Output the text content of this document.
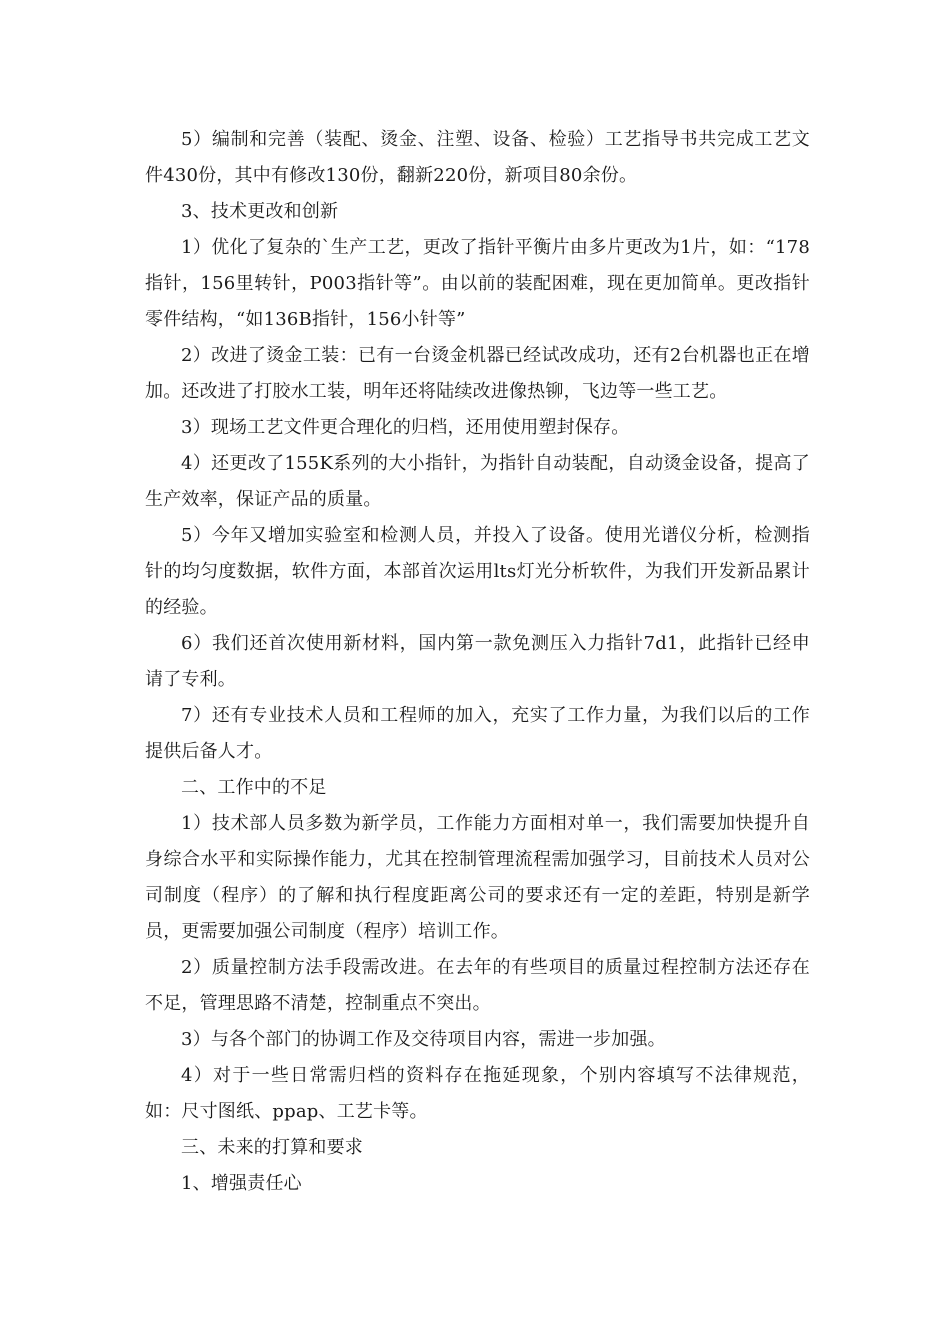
5）编制和完善（装配、烫金、注塑、设备、检验）工艺指导书共完成工艺文件430份，其中有修改130份，翻新220份，新项目80余份。

3、技术更改和创新

1）优化了复杂的`生产工艺，更改了指针平衡片由多片更改为1片，如：“178指针，156里转针，P003指针等”。由以前的装配困难，现在更加简单。更改指针零件结构，“如136B指针，156小针等”

2）改进了烫金工装：已有一台烫金机器已经试改成功，还有2台机器也正在增加。还改进了打胶水工装，明年还将陆续改进像热铆，飞边等一些工艺。

3）现场工艺文件更合理化的归档，还用使用塑封保存。

4）还更改了155K系列的大小指针，为指针自动装配，自动烫金设备，提高了生产效率，保证产品的质量。

5）今年又增加实验室和检测人员，并投入了设备。使用光谱仪分析，检测指针的均匀度数据，软件方面，本部首次运用lts灯光分析软件，为我们开发新品累计的经验。

6）我们还首次使用新材料，国内第一款免测压入力指针7d1，此指针已经申请了专利。

7）还有专业技术人员和工程师的加入，充实了工作力量，为我们以后的工作提供后备人才。

二、工作中的不足

1）技术部人员多数为新学员，工作能力方面相对单一，我们需要加快提升自身综合水平和实际操作能力，尤其在控制管理流程需加强学习，目前技术人员对公司制度（程序）的了解和执行程度距离公司的要求还有一定的差距，特别是新学员，更需要加强公司制度（程序）培训工作。

2）质量控制方法手段需改进。在去年的有些项目的质量过程控制方法还存在不足，管理思路不清楚，控制重点不突出。

3）与各个部门的协调工作及交待项目内容，需进一步加强。

4）对于一些日常需归档的资料存在拖延现象，个别内容填写不法律规范，如：尺寸图纸、ppap、工艺卡等。

三、未来的打算和要求

1、增强责任心
